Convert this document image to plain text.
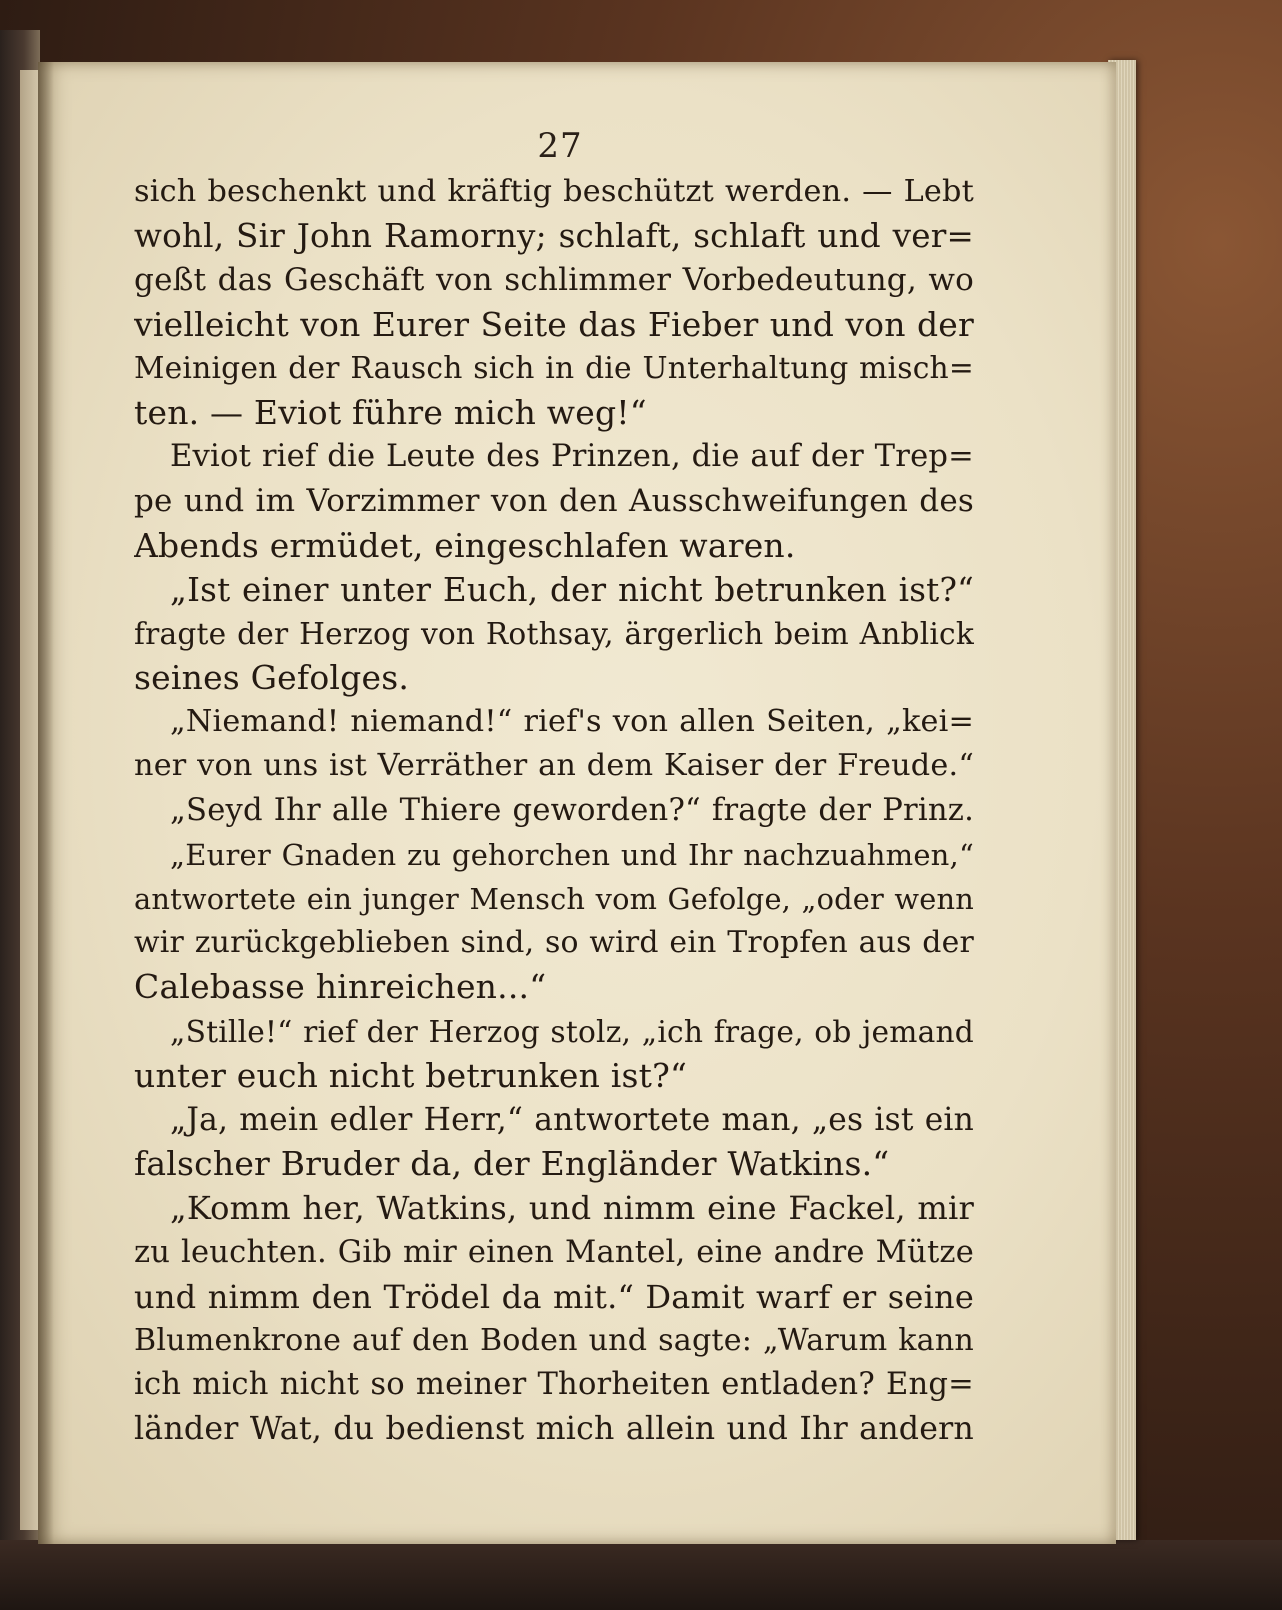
27
sich beschenkt und kräftig beschützt werden. — Lebt
wohl, Sir John Ramorny; schlaft, schlaft und ver=
geßt das Geschäft von schlimmer Vorbedeutung, wo
vielleicht von Eurer Seite das Fieber und von der
Meinigen der Rausch sich in die Unterhaltung misch=
ten. — Eviot führe mich weg!“
Eviot rief die Leute des Prinzen, die auf der Trep=
pe und im Vorzimmer von den Ausschweifungen des
Abends ermüdet, eingeschlafen waren.
„Ist einer unter Euch, der nicht betrunken ist?“
fragte der Herzog von Rothsay, ärgerlich beim Anblick
seines Gefolges.
„Niemand! niemand!“ rief's von allen Seiten, „kei=
ner von uns ist Verräther an dem Kaiser der Freude.“
„Seyd Ihr alle Thiere geworden?“ fragte der Prinz.
„Eurer Gnaden zu gehorchen und Ihr nachzuahmen,“
antwortete ein junger Mensch vom Gefolge, „oder wenn
wir zurückgeblieben sind, so wird ein Tropfen aus der
Calebasse hinreichen...“
„Stille!“ rief der Herzog stolz, „ich frage, ob jemand
unter euch nicht betrunken ist?“
„Ja, mein edler Herr,“ antwortete man, „es ist ein
falscher Bruder da, der Engländer Watkins.“
„Komm her, Watkins, und nimm eine Fackel, mir
zu leuchten. Gib mir einen Mantel, eine andre Mütze
und nimm den Trödel da mit.“ Damit warf er seine
Blumenkrone auf den Boden und sagte: „Warum kann
ich mich nicht so meiner Thorheiten entladen? Eng=
länder Wat, du bedienst mich allein und Ihr andern
